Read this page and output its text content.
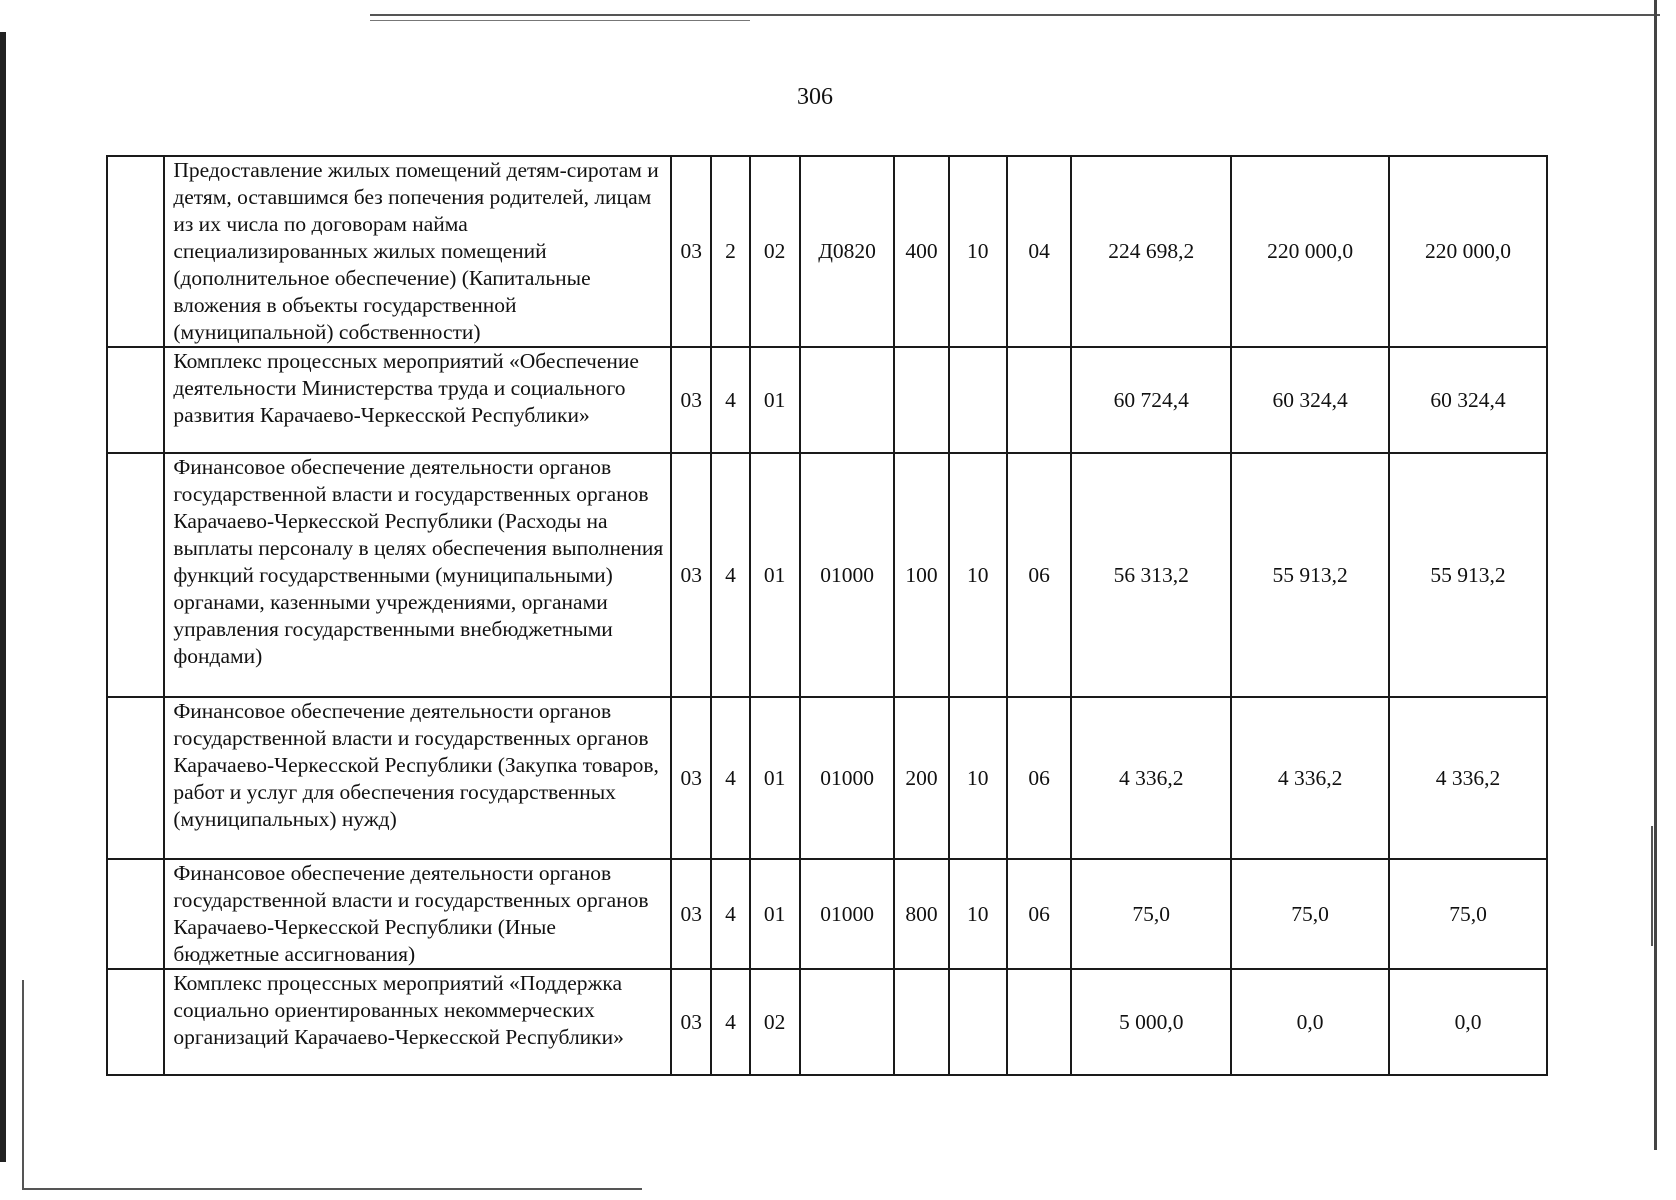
306
	Предоставление жилых помещений детям-сиротам и детям, оставшимся без попечения родителей, лицам из их числа по договорам найма специализированных жилых помещений (дополнительное обеспечение) (Капитальные вложения в объекты государственной (муниципальной) собственности)	03	2	02	Д0820	400	10	04	224 698,2	220 000,0	220 000,0
	Комплекс процессных мероприятий «Обеспечение деятельности Министерства труда и социального развития Карачаево-Черкесской Республики»	03	4	01					60 724,4	60 324,4	60 324,4
	Финансовое обеспечение деятельности органов государственной власти и государственных органов Карачаево-Черкесской Республики (Расходы на выплаты персоналу в целях обеспечения выполнения функций государственными (муниципальными) органами, казенными учреждениями, органами управления государственными внебюджетными фондами)	03	4	01	01000	100	10	06	56 313,2	55 913,2	55 913,2
	Финансовое обеспечение деятельности органов государственной власти и государственных органов Карачаево-Черкесской Республики (Закупка товаров, работ и услуг для обеспечения государственных (муниципальных) нужд)	03	4	01	01000	200	10	06	4 336,2	4 336,2	4 336,2
	Финансовое обеспечение деятельности органов государственной власти и государственных органов Карачаево-Черкесской Республики (Иные бюджетные ассигнования)	03	4	01	01000	800	10	06	75,0	75,0	75,0
	Комплекс процессных мероприятий «Поддержка социально ориентированных некоммерческих организаций Карачаево-Черкесской Республики»	03	4	02					5 000,0	0,0	0,0
